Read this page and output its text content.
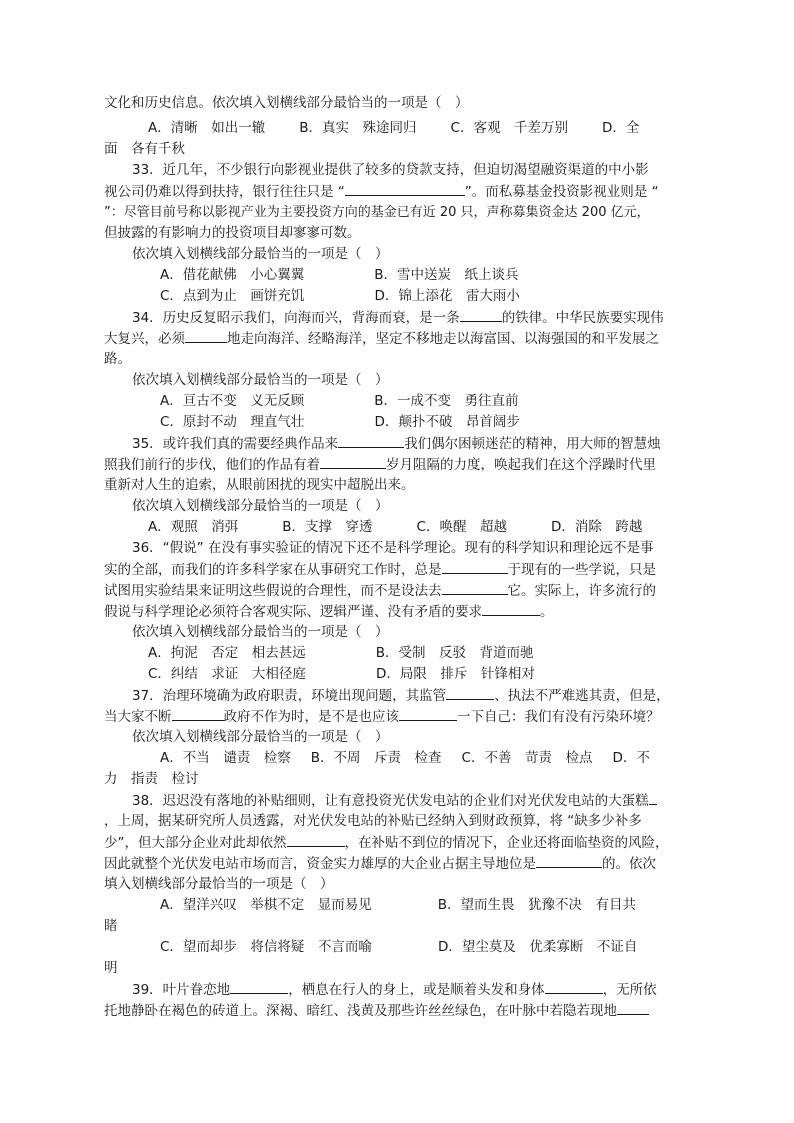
文化和历史信息。依次填入划横线部分最恰当的一项是（　）
A．清晰　如出一辙	B．真实　殊途同归	C．客观　千差万别	D．全
面　各有千秋
33．近几年，不少银行向影视业提供了较多的贷款支持，但迫切渴望融资渠道的中小影
视公司仍难以得到扶持，银行往往只是 “	”。而私募基金投资影视业则是 “
”：尽管目前号称以影视产业为主要投资方向的基金已有近 20 只，声称募集资金达 200 亿元，
但披露的有影响力的投资项目却寥寥可数。
依次填入划横线部分最恰当的一项是（　）
A．借花献佛　小心翼翼	B．雪中送炭　纸上谈兵
C．点到为止　画饼充饥	D．锦上添花　雷大雨小
34．历史反复昭示我们，向海而兴，背海而衰，是一条	的铁律。中华民族要实现伟
大复兴，必须	地走向海洋、经略海洋，坚定不移地走以海富国、以海强国的和平发展之
路。
依次填入划横线部分最恰当的一项是（　）
A．亘古不变　义无反顾	B．一成不变　勇往直前
C．原封不动　理直气壮	D．颠扑不破　昂首阔步
35．或许我们真的需要经典作品来	我们偶尔困顿迷茫的精神，用大师的智慧烛
照我们前行的步伐，他们的作品有着	岁月阻隔的力度，唤起我们在这个浮躁时代里
重新对人生的追索，从眼前困扰的现实中超脱出来。
依次填入划横线部分最恰当的一项是（　）
A．观照　消弭	B．支撑　穿透	C．唤醒　超越	D．消除　跨越
36．“假说” 在没有事实验证的情况下还不是科学理论。现有的科学知识和理论远不是事
实的全部，而我们的许多科学家在从事研究工作时，总是	于现有的一些学说，只是
试图用实验结果来证明这些假说的合理性，而不是设法去	它。实际上，许多流行的
假说与科学理论必须符合客观实际、逻辑严谨、没有矛盾的要求	。
依次填入划横线部分最恰当的一项是（　）
A．拘泥　否定　相去甚远	B．受制　反驳　背道而驰
C．纠结　求证　大相径庭	D．局限　排斥　针锋相对
37．治理环境确为政府职责，环境出现问题，其监管	、执法不严难逃其责，但是，
当大家不断	政府不作为时，是不是也应该	一下自己：我们有没有污染环境？
依次填入划横线部分最恰当的一项是（　）
A．不当　谴责　检察 B．不周　斥责　检查 C．不善　苛责　检点 D．不
力　指责　检讨
38．迟迟没有落地的补贴细则，让有意投资光伏发电站的企业们对光伏发电站的大蛋糕
，上周，据某研究所人员透露，对光伏发电站的补贴已经纳入到财政预算，将 “缺多少补多
少”，但大部分企业对此却依然	，在补贴不到位的情况下，企业还将面临垫资的风险，
因此就整个光伏发电站市场而言，资金实力雄厚的大企业占据主导地位是	的。依次
填入划横线部分最恰当的一项是（　）
A．望洋兴叹　举棋不定　显而易见	B．望而生畏　犹豫不决　有目共
睹
C．望而却步　将信将疑　不言而喻	D．望尘莫及　优柔寡断　不证自
明
39．叶片眷恋地	，栖息在行人的身上，或是顺着头发和身体	，无所依
托地静卧在褐色的砖道上。深褐、暗红、浅黄及那些许丝丝绿色，在叶脉中若隐若现地
